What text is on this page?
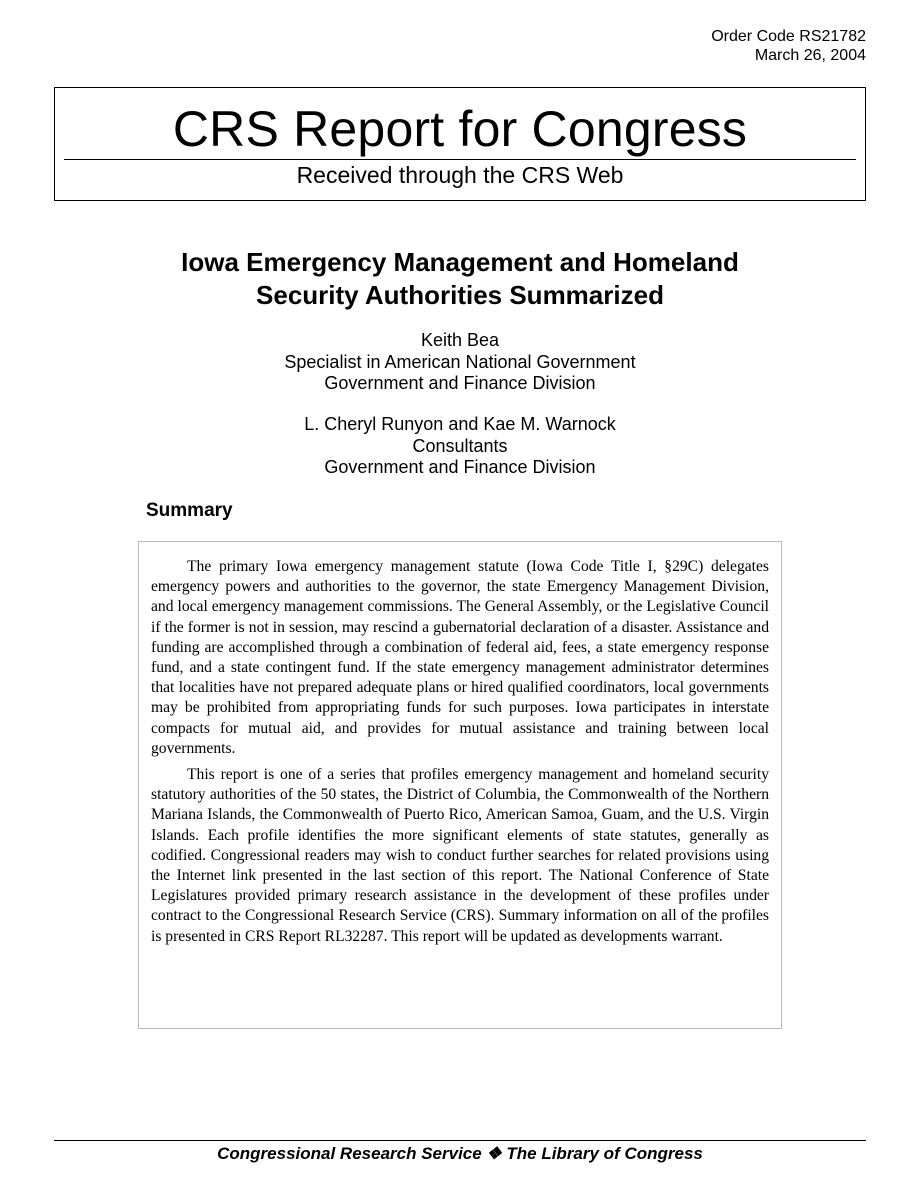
Order Code RS21782
March 26, 2004
CRS Report for Congress
Received through the CRS Web
Iowa Emergency Management and Homeland
Security Authorities Summarized
Keith Bea
Specialist in American National Government
Government and Finance Division
L. Cheryl Runyon and Kae M. Warnock
Consultants
Government and Finance Division
Summary

The primary Iowa emergency management statute (Iowa Code Title I, §29C) delegates emergency powers and authorities to the governor, the state Emergency Management Division, and local emergency management commissions. The General Assembly, or the Legislative Council if the former is not in session, may rescind a gubernatorial declaration of a disaster. Assistance and funding are accomplished through a combination of federal aid, fees, a state emergency response fund, and a state contingent fund. If the state emergency management administrator determines that localities have not prepared adequate plans or hired qualified coordinators, local governments may be prohibited from appropriating funds for such purposes. Iowa participates in interstate compacts for mutual aid, and provides for mutual assistance and training between local governments.

This report is one of a series that profiles emergency management and homeland security statutory authorities of the 50 states, the District of Columbia, the Commonwealth of the Northern Mariana Islands, the Commonwealth of Puerto Rico, American Samoa, Guam, and the U.S. Virgin Islands. Each profile identifies the more significant elements of state statutes, generally as codified. Congressional readers may wish to conduct further searches for related provisions using the Internet link presented in the last section of this report. The National Conference of State Legislatures provided primary research assistance in the development of these profiles under contract to the Congressional Research Service (CRS). Summary information on all of the profiles is presented in CRS Report RL32287. This report will be updated as developments warrant.

Congressional Research Service ❖ The Library of Congress
